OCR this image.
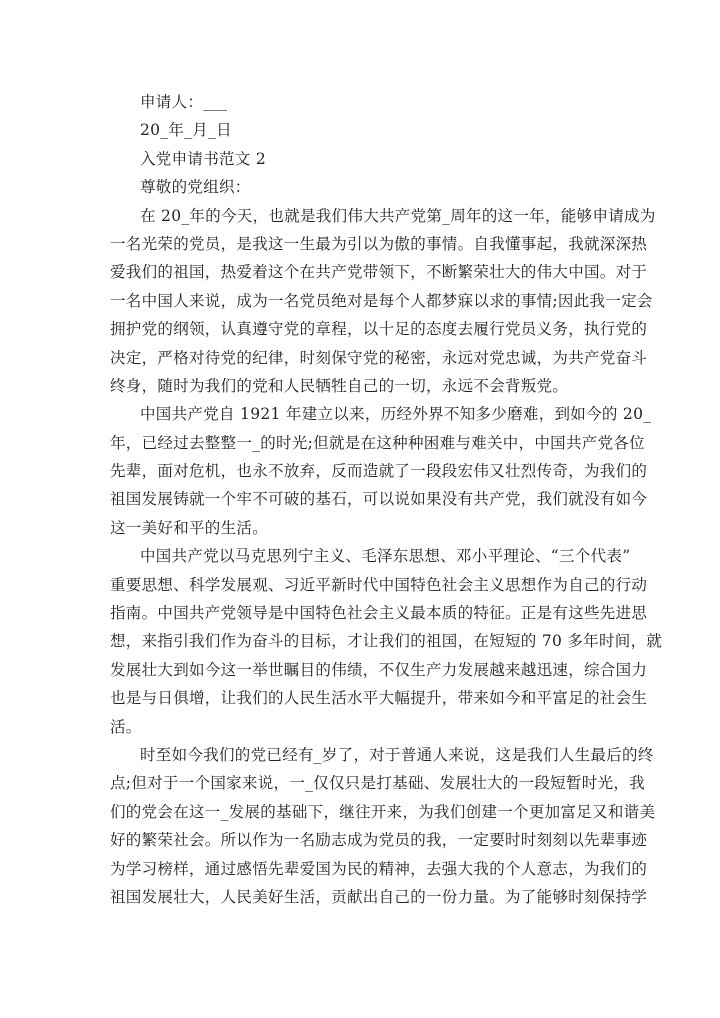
申请人：___
20_年_月_日
入党申请书范文 2
尊敬的党组织：
在 20_年的今天，也就是我们伟大共产党第_周年的这一年，能够申请成为
一名光荣的党员，是我这一生最为引以为傲的事情。自我懂事起，我就深深热
爱我们的祖国，热爱着这个在共产党带领下，不断繁荣壮大的伟大中国。对于
一名中国人来说，成为一名党员绝对是每个人都梦寐以求的事情;因此我一定会
拥护党的纲领，认真遵守党的章程，以十足的态度去履行党员义务，执行党的
决定，严格对待党的纪律，时刻保守党的秘密，永远对党忠诚，为共产党奋斗
终身，随时为我们的党和人民牺牲自己的一切，永远不会背叛党。
中国共产党自 1921 年建立以来，历经外界不知多少磨难，到如今的 20_
年，已经过去整整一_的时光;但就是在这种种困难与难关中，中国共产党各位
先辈，面对危机，也永不放弃，反而造就了一段段宏伟又壮烈传奇，为我们的
祖国发展铸就一个牢不可破的基石，可以说如果没有共产党，我们就没有如今
这一美好和平的生活。
中国共产党以马克思列宁主义、毛泽东思想、邓小平理论、“三个代表”
重要思想、科学发展观、习近平新时代中国特色社会主义思想作为自己的行动
指南。中国共产党领导是中国特色社会主义最本质的特征。正是有这些先进思
想，来指引我们作为奋斗的目标，才让我们的祖国，在短短的 70 多年时间，就
发展壮大到如今这一举世瞩目的伟绩，不仅生产力发展越来越迅速，综合国力
也是与日俱增，让我们的人民生活水平大幅提升，带来如今和平富足的社会生
活。
时至如今我们的党已经有_岁了，对于普通人来说，这是我们人生最后的终
点;但对于一个国家来说，一_仅仅只是打基础、发展壮大的一段短暂时光，我
们的党会在这一_发展的基础下，继往开来，为我们创建一个更加富足又和谐美
好的繁荣社会。所以作为一名励志成为党员的我，一定要时时刻刻以先辈事迹
为学习榜样，通过感悟先辈爱国为民的精神，去强大我的个人意志，为我们的
祖国发展壮大，人民美好生活，贡献出自己的一份力量。为了能够时刻保持学
